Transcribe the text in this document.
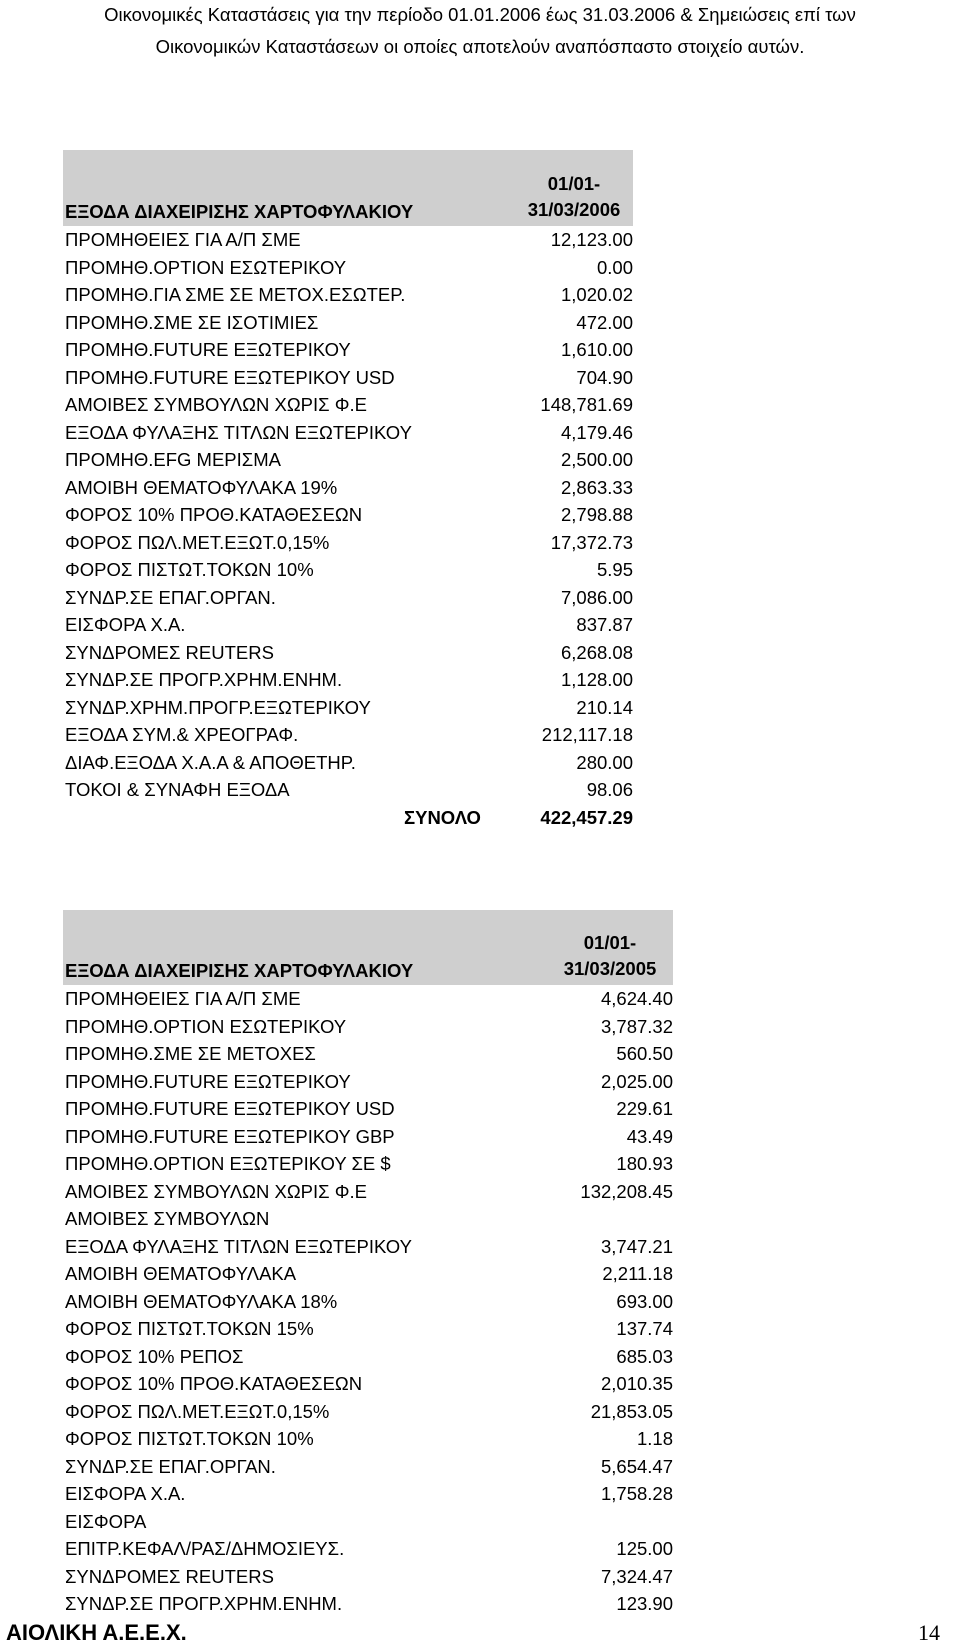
Οικονομικές Καταστάσεις για την περίοδο 01.01.2006 έως 31.03.2006 & Σημειώσεις επί των
Οικονομικών Καταστάσεων οι οποίες αποτελούν αναπόσπαστο στοιχείο αυτών.
ΕΞΟΔΑ ΔΙΑΧΕΙΡΙΣΗΣ ΧΑΡΤΟΦΥΛΑΚΙΟΥ
01/01-
31/03/2006
ΠΡΟΜΗΘΕΙΕΣ ΓΙΑ Α/Π ΣΜΕ	12,123.00
ΠΡΟΜΗΘ.OPTION ΕΣΩΤΕΡΙΚΟΥ	0.00
ΠΡΟΜΗΘ.ΓΙΑ ΣΜΕ ΣΕ ΜΕΤΟΧ.ΕΣΩΤΕΡ.	1,020.02
ΠΡΟΜΗΘ.ΣΜΕ ΣΕ ΙΣΟΤΙΜΙΕΣ	472.00
ΠΡΟΜΗΘ.FUTURE ΕΞΩΤΕΡΙΚΟΥ	1,610.00
ΠΡΟΜΗΘ.FUTURE ΕΞΩΤΕΡΙΚΟΥ USD	704.90
ΑΜΟΙΒΕΣ ΣΥΜΒΟΥΛΩΝ ΧΩΡΙΣ Φ.Ε	148,781.69
ΕΞΟΔΑ ΦΥΛΑΞΗΣ ΤΙΤΛΩΝ ΕΞΩΤΕΡΙΚΟΥ	4,179.46
ΠΡΟΜΗΘ.EFG ΜΕΡΙΣΜΑ	2,500.00
ΑΜΟΙΒΗ ΘΕΜΑΤΟΦΥΛΑΚΑ 19%	2,863.33
ΦΟΡΟΣ 10% ΠΡΟΘ.ΚΑΤΑΘΕΣΕΩΝ	2,798.88
ΦΟΡΟΣ ΠΩΛ.ΜΕΤ.ΕΞΩΤ.0,15%	17,372.73
ΦΟΡΟΣ ΠΙΣΤΩΤ.ΤΟΚΩΝ 10%	5.95
ΣΥΝΔΡ.ΣΕ ΕΠΑΓ.ΟΡΓΑΝ.	7,086.00
ΕΙΣΦΟΡΑ Χ.Α.	837.87
ΣΥΝΔΡΟΜΕΣ REUTERS	6,268.08
ΣΥΝΔΡ.ΣΕ ΠΡΟΓΡ.ΧΡΗΜ.ΕΝΗΜ.	1,128.00
ΣΥΝΔΡ.ΧΡΗΜ.ΠΡΟΓΡ.ΕΞΩΤΕΡΙΚΟΥ	210.14
ΕΞΟΔΑ ΣΥΜ.& ΧΡΕΟΓΡΑΦ.	212,117.18
ΔΙΑΦ.ΕΞΟΔΑ Χ.Α.Α & ΑΠΟΘΕΤΗΡ.	280.00
ΤΟΚΟΙ & ΣΥΝΑΦΗ ΕΞΟΔΑ	98.06
ΣΥΝΟΛΟ	422,457.29
ΕΞΟΔΑ ΔΙΑΧΕΙΡΙΣΗΣ ΧΑΡΤΟΦΥΛΑΚΙΟΥ
01/01-
31/03/2005
ΠΡΟΜΗΘΕΙΕΣ ΓΙΑ Α/Π ΣΜΕ	4,624.40
ΠΡΟΜΗΘ.OPTION ΕΣΩΤΕΡΙΚΟΥ	3,787.32
ΠΡΟΜΗΘ.ΣΜΕ ΣΕ ΜΕΤΟΧΕΣ	560.50
ΠΡΟΜΗΘ.FUTURE ΕΞΩΤΕΡΙΚΟΥ	2,025.00
ΠΡΟΜΗΘ.FUTURE ΕΞΩΤΕΡΙΚΟΥ USD	229.61
ΠΡΟΜΗΘ.FUTURE ΕΞΩΤΕΡΙΚΟΥ GBP	43.49
ΠΡΟΜΗΘ.OPTION ΕΞΩΤΕΡΙΚΟΥ ΣΕ $	180.93
ΑΜΟΙΒΕΣ ΣΥΜΒΟΥΛΩΝ ΧΩΡΙΣ Φ.Ε	132,208.45
ΑΜΟΙΒΕΣ ΣΥΜΒΟΥΛΩΝ
ΕΞΟΔΑ ΦΥΛΑΞΗΣ ΤΙΤΛΩΝ ΕΞΩΤΕΡΙΚΟΥ	3,747.21
ΑΜΟΙΒΗ ΘΕΜΑΤΟΦΥΛΑΚΑ	2,211.18
ΑΜΟΙΒΗ ΘΕΜΑΤΟΦΥΛΑΚΑ 18%	693.00
ΦΟΡΟΣ ΠΙΣΤΩΤ.ΤΟΚΩΝ 15%	137.74
ΦΟΡΟΣ 10% ΡΕΠΟΣ	685.03
ΦΟΡΟΣ 10% ΠΡΟΘ.ΚΑΤΑΘΕΣΕΩΝ	2,010.35
ΦΟΡΟΣ ΠΩΛ.ΜΕΤ.ΕΞΩΤ.0,15%	21,853.05
ΦΟΡΟΣ ΠΙΣΤΩΤ.ΤΟΚΩΝ 10%	1.18
ΣΥΝΔΡ.ΣΕ ΕΠΑΓ.ΟΡΓΑΝ.	5,654.47
ΕΙΣΦΟΡΑ Χ.Α.	1,758.28
ΕΙΣΦΟΡΑ
ΕΠΙΤΡ.ΚΕΦΑΛ/ΡΑΣ/ΔΗΜΟΣΙΕΥΣ.	125.00
ΣΥΝΔΡΟΜΕΣ REUTERS	7,324.47
ΣΥΝΔΡ.ΣΕ ΠΡΟΓΡ.ΧΡΗΜ.ΕΝΗΜ.	123.90
ΑΙΟΛΙΚΗ Α.Ε.Ε.Χ.	14
